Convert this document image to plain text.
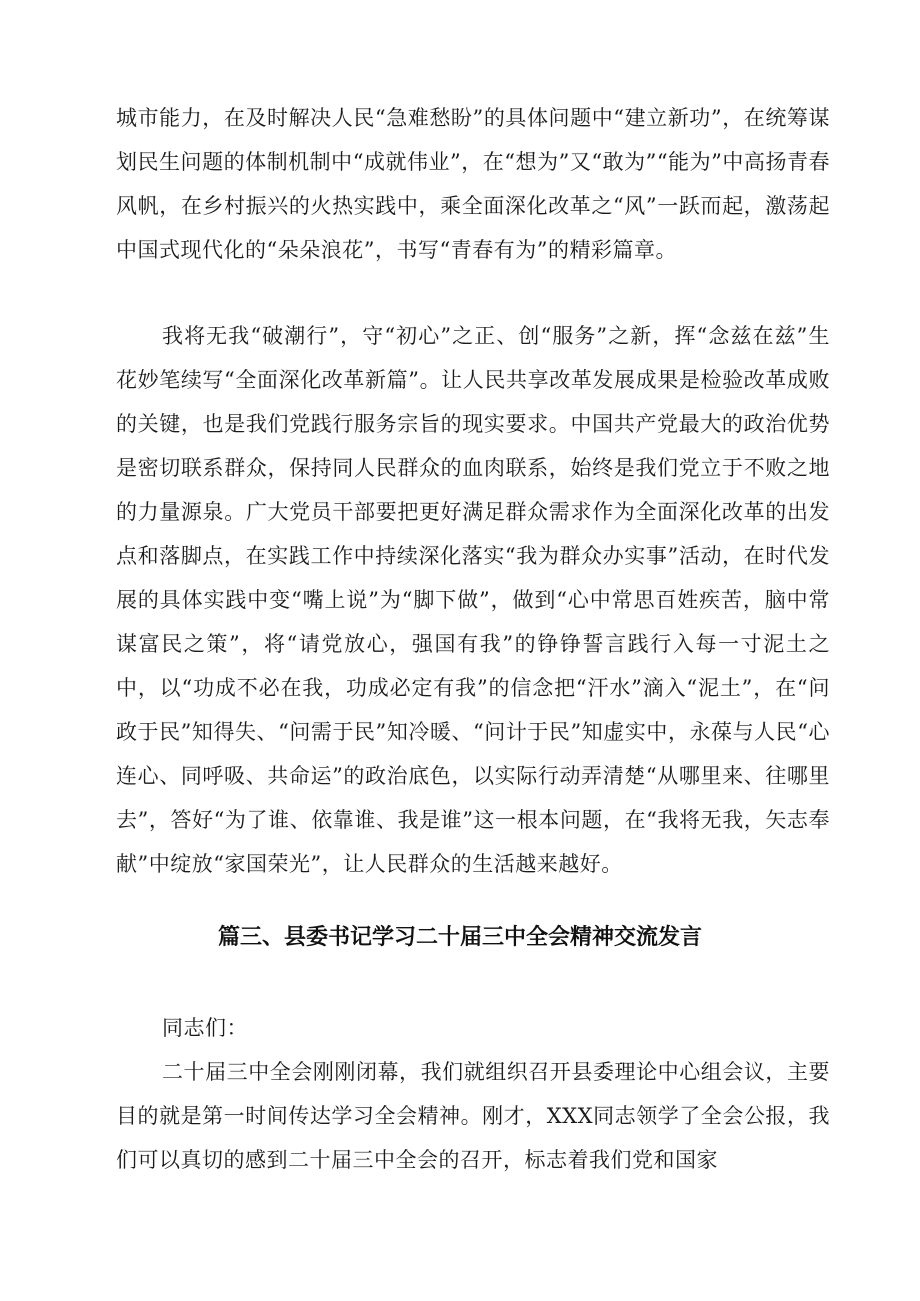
城市能力，在及时解决人民“急难愁盼”的具体问题中“建立新功”，在统筹谋划民生问题的体制机制中“成就伟业”，在“想为”又“敢为”“能为”中高扬青春风帆，在乡村振兴的火热实践中，乘全面深化改革之“风”一跃而起，激荡起中国式现代化的“朵朵浪花”，书写“青春有为”的精彩篇章。

我将无我“破潮行”，守“初心”之正、创“服务”之新，挥“念兹在兹”生花妙笔续写“全面深化改革新篇”。让人民共享改革发展成果是检验改革成败的关键，也是我们党践行服务宗旨的现实要求。中国共产党最大的政治优势是密切联系群众，保持同人民群众的血肉联系，始终是我们党立于不败之地的力量源泉。广大党员干部要把更好满足群众需求作为全面深化改革的出发点和落脚点，在实践工作中持续深化落实“我为群众办实事”活动，在时代发展的具体实践中变“嘴上说”为“脚下做”，做到“心中常思百姓疾苦，脑中常谋富民之策”，将“请党放心，强国有我”的铮铮誓言践行入每一寸泥土之中，以“功成不必在我，功成必定有我”的信念把“汗水”滴入“泥土”，在“问政于民”知得失、“问需于民”知冷暖、“问计于民”知虚实中，永葆与人民“心连心、同呼吸、共命运”的政治底色，以实际行动弄清楚“从哪里来、往哪里去”，答好“为了谁、依靠谁、我是谁”这一根本问题，在“我将无我，矢志奉献”中绽放“家国荣光”，让人民群众的生活越来越好。

篇三、县委书记学习二十届三中全会精神交流发言

同志们：

二十届三中全会刚刚闭幕，我们就组织召开县委理论中心组会议，主要目的就是第一时间传达学习全会精神。刚才，XXX同志领学了全会公报，我们可以真切的感到二十届三中全会的召开，标志着我们党和国家
